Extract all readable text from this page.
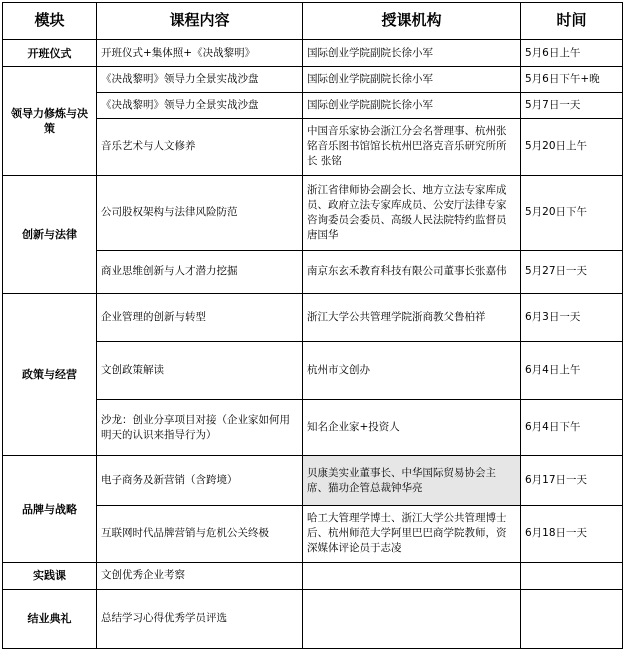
模块	课程内容	授课机构	时间
开班仪式	开班仪式+集体照+《决战黎明》	国际创业学院副院长徐小军	5月6日上午
领导力修炼与决策	《决战黎明》领导力全景实战沙盘	国际创业学院副院长徐小军	5月6日下午+晚
	《决战黎明》领导力全景实战沙盘	国际创业学院副院长徐小军	5月7日一天
	音乐艺术与人文修养	中国音乐家协会浙江分会名誉理事、杭州张铭音乐图书馆馆长杭州巴洛克音乐研究所所长 张铭	5月20日上午
创新与法律	公司股权架构与法律风险防范	浙江省律师协会副会长、地方立法专家库成员、政府立法专家库成员、公安厅法律专家咨询委员会委员、高级人民法院特约监督员 唐国华	5月20日下午
	商业思维创新与人才潜力挖掘	南京东玄禾教育科技有限公司董事长张嘉伟	5月27日一天
政策与经营	企业管理的创新与转型	浙江大学公共管理学院浙商教父鲁柏祥	6月3日一天
	文创政策解读	杭州市文创办	6月4日上午
	沙龙：创业分享项目对接（企业家如何用明天的认识来指导行为）	知名企业家+投资人	6月4日下午
品牌与战略	电子商务及新营销（含跨境）	贝康美实业董事长、中华国际贸易协会主席、猫功企管总裁钟华亮	6月17日一天
	互联网时代品牌营销与危机公关终极	哈工大管理学博士、浙江大学公共管理博士后、杭州师范大学阿里巴巴商学院教师，资深媒体评论员于志凌	6月18日一天
实践课	文创优秀企业考察		
结业典礼	总结学习心得优秀学员评选		
